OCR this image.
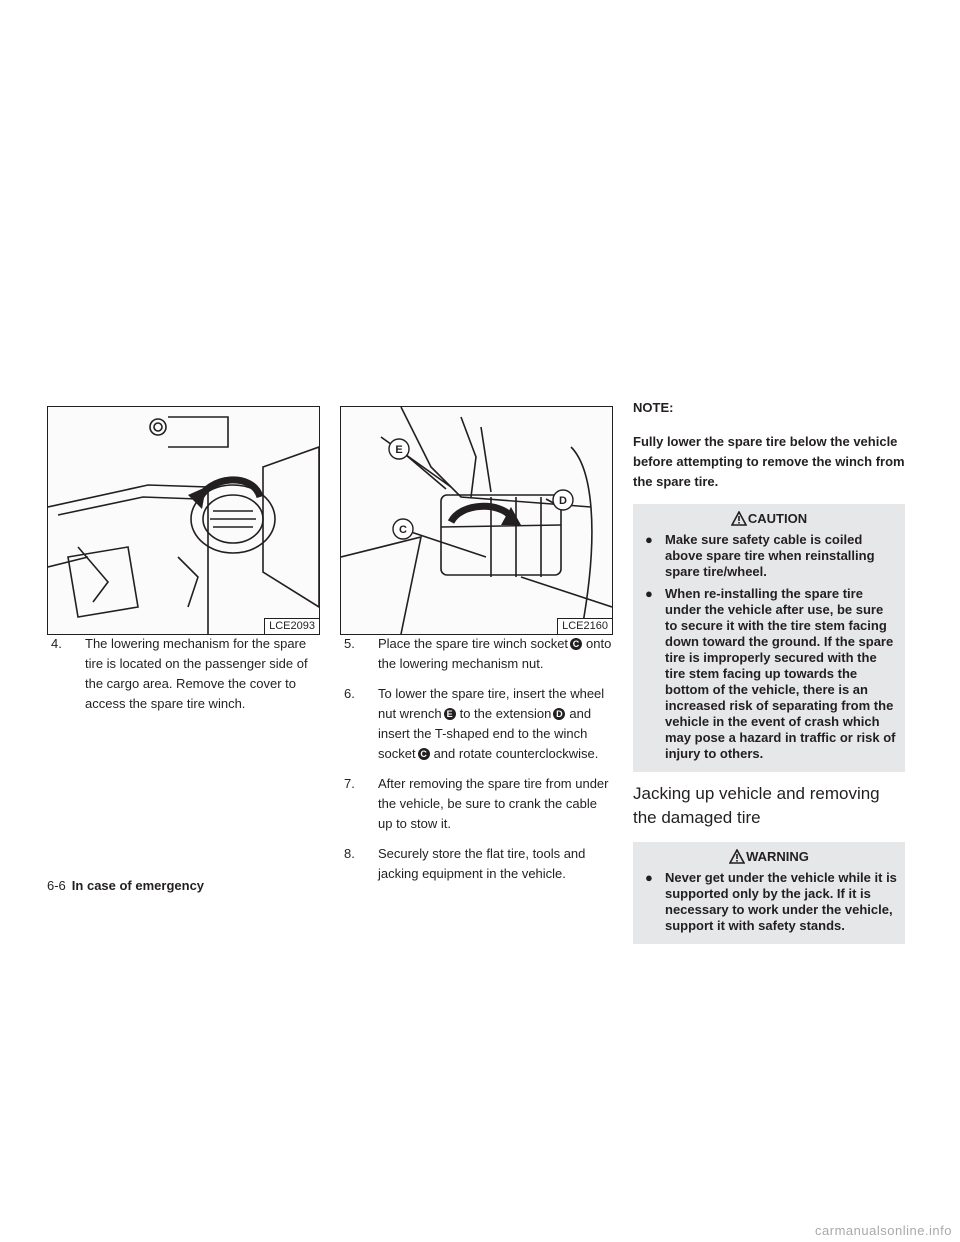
LCE2093
E
D
C
LCE2160
4. The lowering mechanism for the spare tire is located on the passenger side of the cargo area. Remove the cover to access the spare tire winch.
5. Place the spare tire winch socket C onto the lowering mechanism nut.
6. To lower the spare tire, insert the wheel nut wrench E to the extension D and insert the T-shaped end to the winch socket C and rotate counterclockwise.
7. After removing the spare tire from under the vehicle, be sure to crank the cable up to stow it.
8. Securely store the flat tire, tools and jacking equipment in the vehicle.
NOTE:
Fully lower the spare tire below the vehicle before attempting to remove the winch from the spare tire.
CAUTION
● Make sure safety cable is coiled above spare tire when reinstalling spare tire/wheel.
● When re-installing the spare tire under the vehicle after use, be sure to secure it with the tire stem facing down toward the ground. If the spare tire is improperly secured with the tire stem facing up towards the bottom of the vehicle, there is an increased risk of separating from the vehicle in the event of crash which may pose a hazard in traffic or risk of injury to others.
Jacking up vehicle and removing the damaged tire
WARNING
● Never get under the vehicle while it is supported only by the jack. If it is necessary to work under the vehicle, support it with safety stands.
6-6 In case of emergency
carmanualsonline.info
